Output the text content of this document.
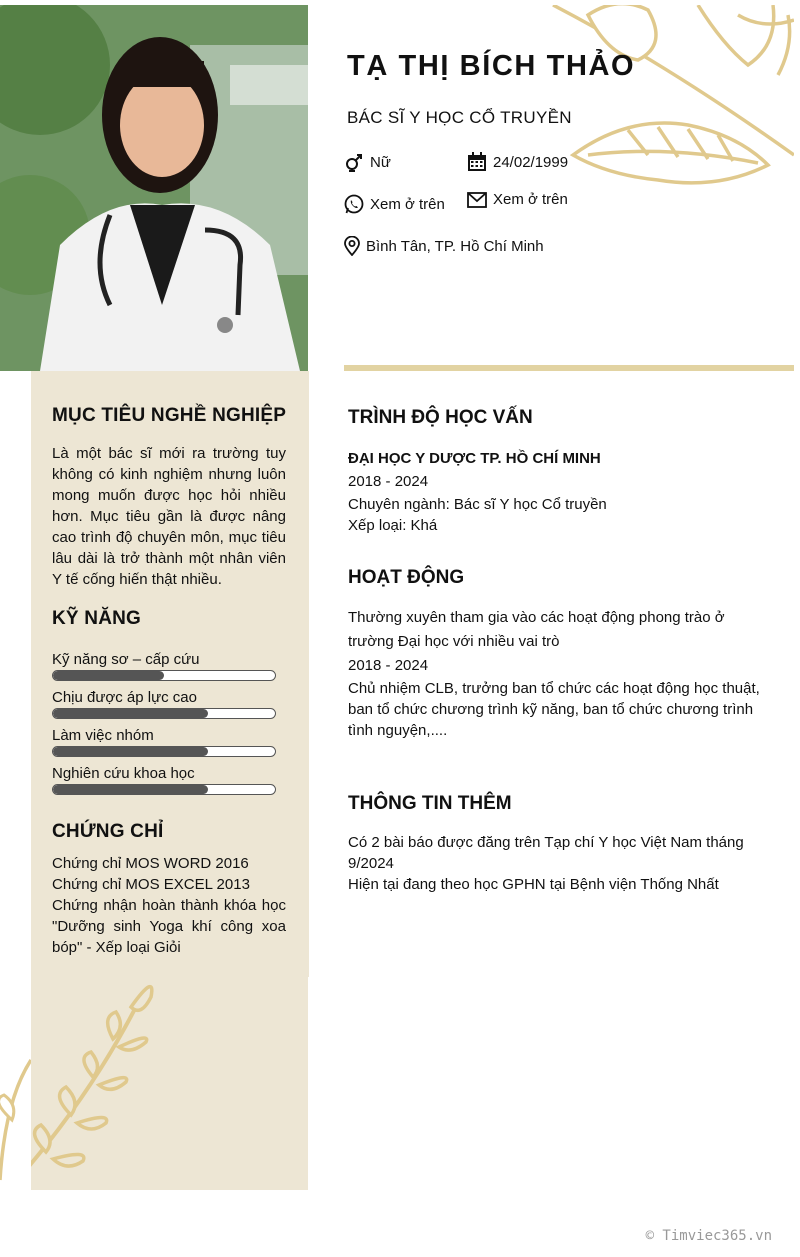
MỤC TIÊU NGHỀ NGHIỆP
Là một bác sĩ mới ra trường tuy không có kinh nghiệm nhưng luôn mong muốn được học hỏi nhiều hơn. Mục tiêu gần là được nâng cao trình độ chuyên môn, mục tiêu lâu dài là trở thành một nhân viên Y tế cống hiến thật nhiều.
KỸ NĂNG
Kỹ năng sơ – cấp cứu
Chịu được áp lực cao
Làm việc nhóm
Nghiên cứu khoa học
CHỨNG CHỈ
Chứng chỉ MOS WORD 2016
Chứng chỉ MOS EXCEL 2013
Chứng nhận hoàn thành khóa học "Dưỡng sinh Yoga khí công xoa bóp" - Xếp loại Giỏi
TẠ THỊ BÍCH THẢO
BÁC SĨ Y HỌC CỔ TRUYỀN
Nữ	24/02/1999
Xem ở trên	Xem ở trên
Bình Tân, TP. Hồ Chí Minh
TRÌNH ĐỘ HỌC VẤN
ĐẠI HỌC Y DƯỢC TP. HỒ CHÍ MINH
2018 - 2024
Chuyên ngành: Bác sĩ Y học Cổ truyền
Xếp loại: Khá
HOẠT ĐỘNG
Thường xuyên tham gia vào các hoạt động phong trào ở trường Đại học với nhiều vai trò
2018 - 2024
Chủ nhiệm CLB, trưởng ban tổ chức các hoạt động học thuật, ban tổ chức chương trình kỹ năng, ban tổ chức chương trình tình nguyện,....
THÔNG TIN THÊM
Có 2 bài báo được đăng trên Tạp chí Y học Việt Nam tháng 9/2024
Hiện tại đang theo học GPHN tại Bệnh viện Thống Nhất
© Timviec365.vn
